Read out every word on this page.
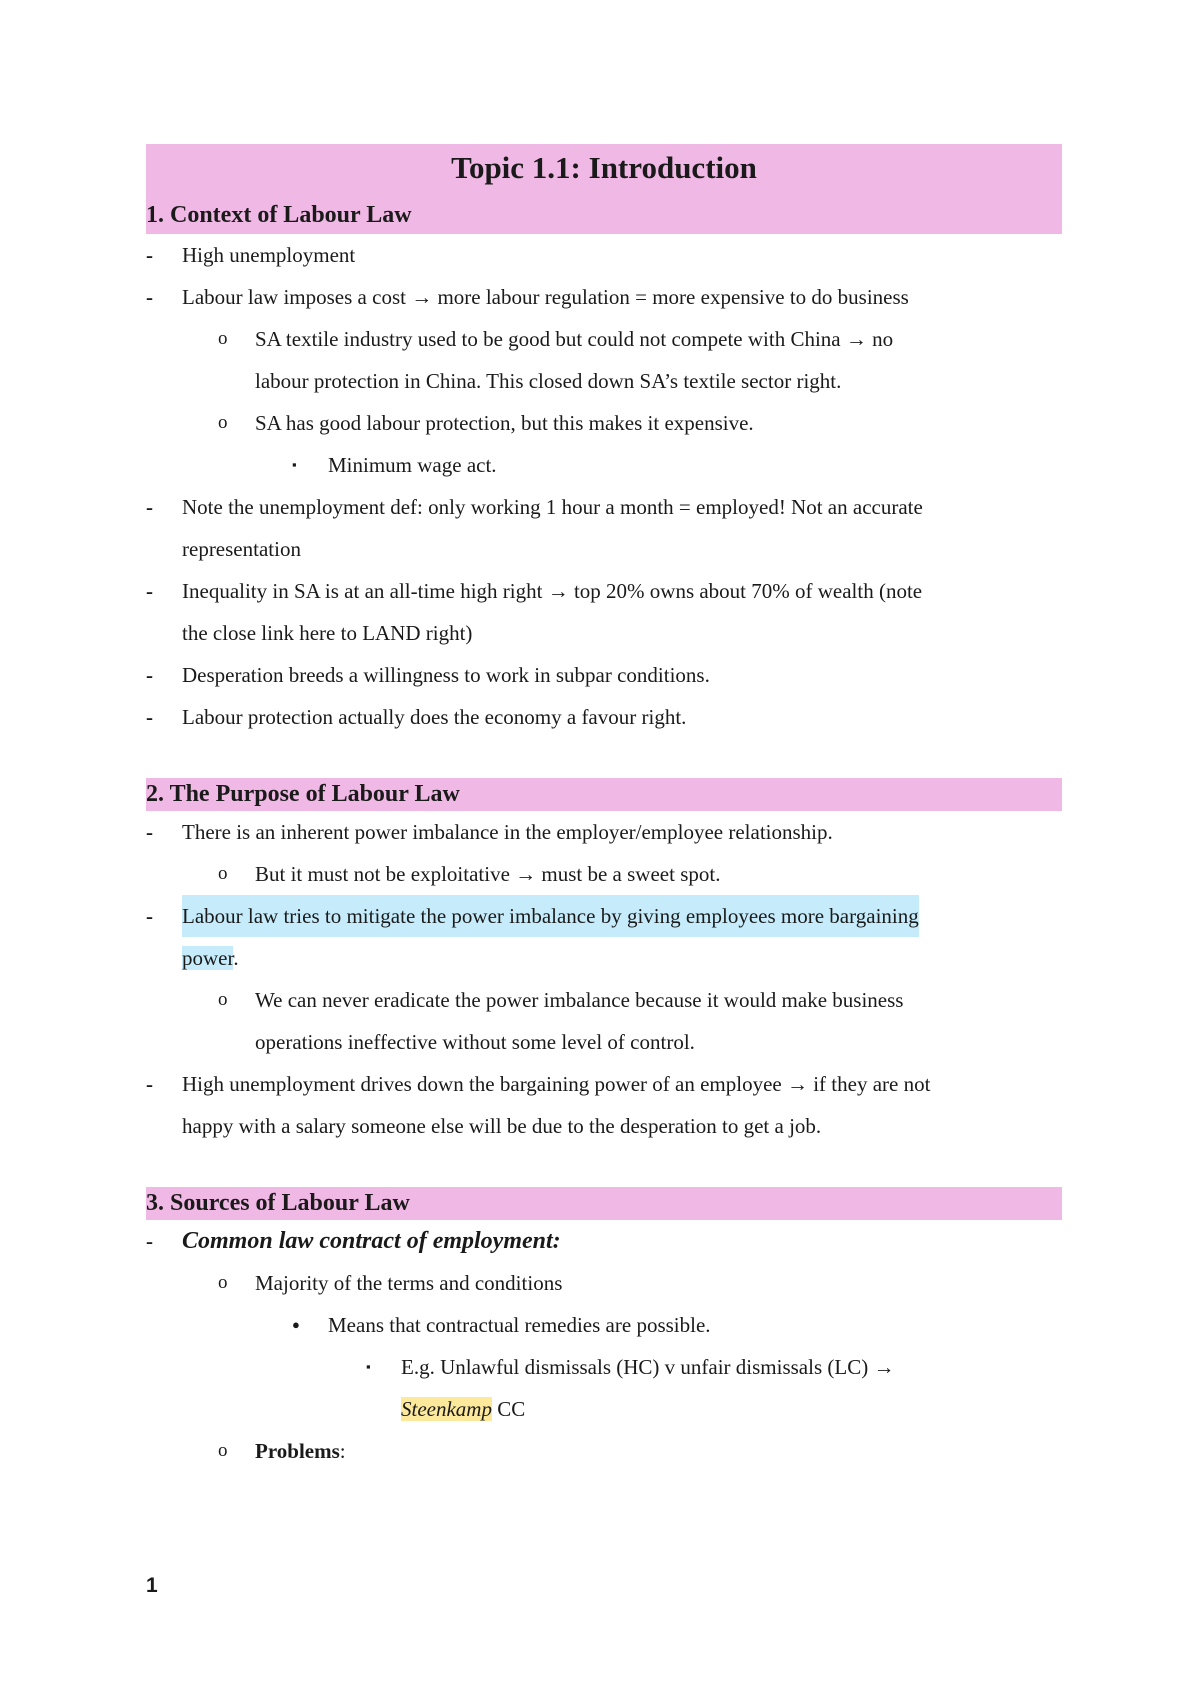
Topic 1.1: Introduction
1. Context of Labour Law
- High unemployment
- Labour law imposes a cost → more labour regulation = more expensive to do business
o SA textile industry used to be good but could not compete with China → no
labour protection in China. This closed down SA’s textile sector right.
o SA has good labour protection, but this makes it expensive.
▪ Minimum wage act.
- Note the unemployment def: only working 1 hour a month = employed! Not an accurate
representation
- Inequality in SA is at an all-time high right → top 20% owns about 70% of wealth (note
the close link here to LAND right)
- Desperation breeds a willingness to work in subpar conditions.
- Labour protection actually does the economy a favour right.
2. The Purpose of Labour Law
- There is an inherent power imbalance in the employer/employee relationship.
o But it must not be exploitative → must be a sweet spot.
- Labour law tries to mitigate the power imbalance by giving employees more bargaining
power.
o We can never eradicate the power imbalance because it would make business
operations ineffective without some level of control.
- High unemployment drives down the bargaining power of an employee → if they are not
happy with a salary someone else will be due to the desperation to get a job.
3. Sources of Labour Law
- Common law contract of employment:
o Majority of the terms and conditions
● Means that contractual remedies are possible.
▪ E.g. Unlawful dismissals (HC) v unfair dismissals (LC) →
Steenkamp CC
o Problems:
1
